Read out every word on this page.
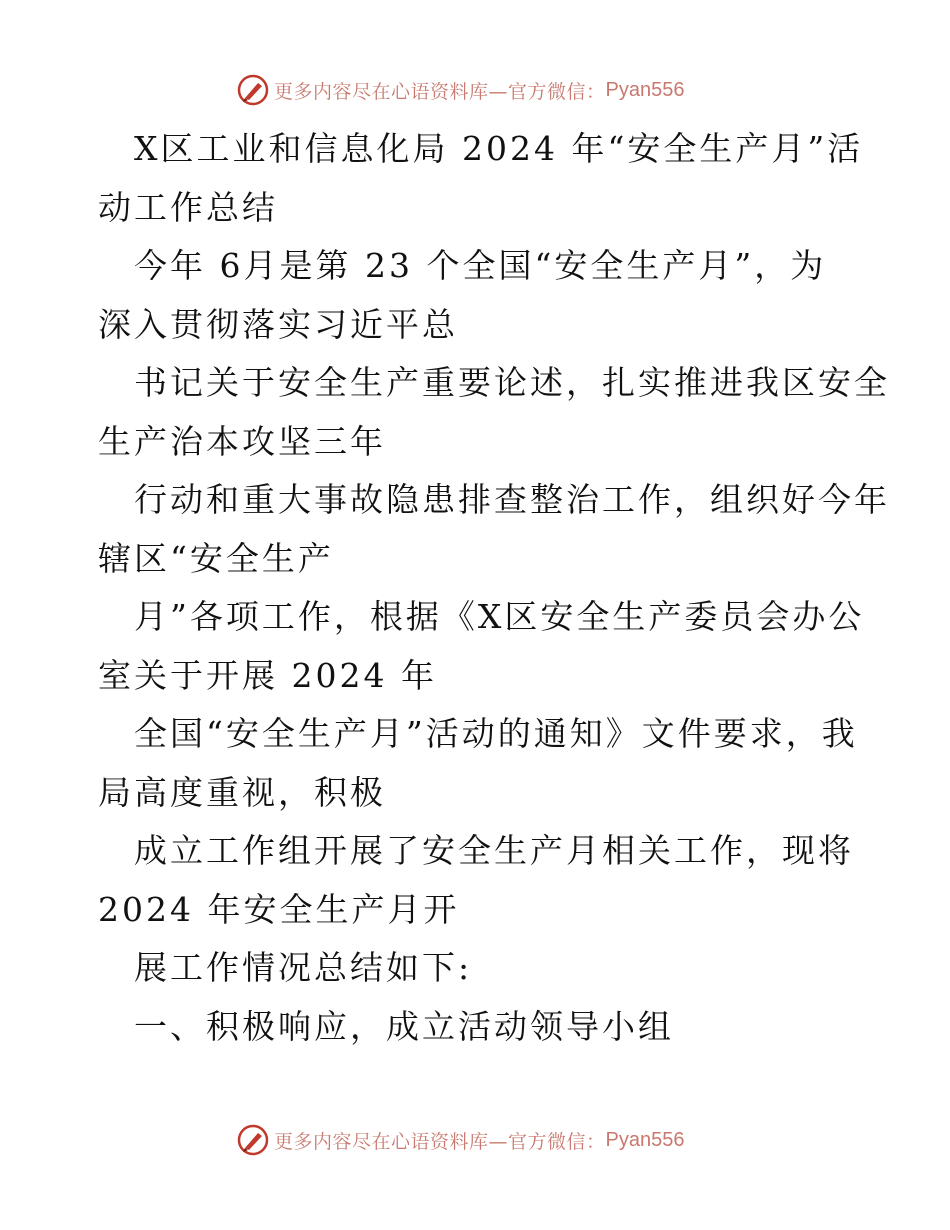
更多内容尽在心语资料库—官方微信： Pyan556

X区工业和信息化局 2024 年“安全生产月”活

动工作总结

今年 6月是第 23 个全国“安全生产月”，为

深入贯彻落实习近平总

书记关于安全生产重要论述，扎实推进我区安全

生产治本攻坚三年

行动和重大事故隐患排查整治工作，组织好今年

辖区“安全生产

月”各项工作，根据《X区安全生产委员会办公

室关于开展 2024 年

全国“安全生产月”活动的通知》文件要求，我

局高度重视，积极

成立工作组开展了安全生产月相关工作，现将

2024 年安全生产月开

展工作情况总结如下:

一、积极响应，成立活动领导小组

更多内容尽在心语资料库—官方微信： Pyan556
